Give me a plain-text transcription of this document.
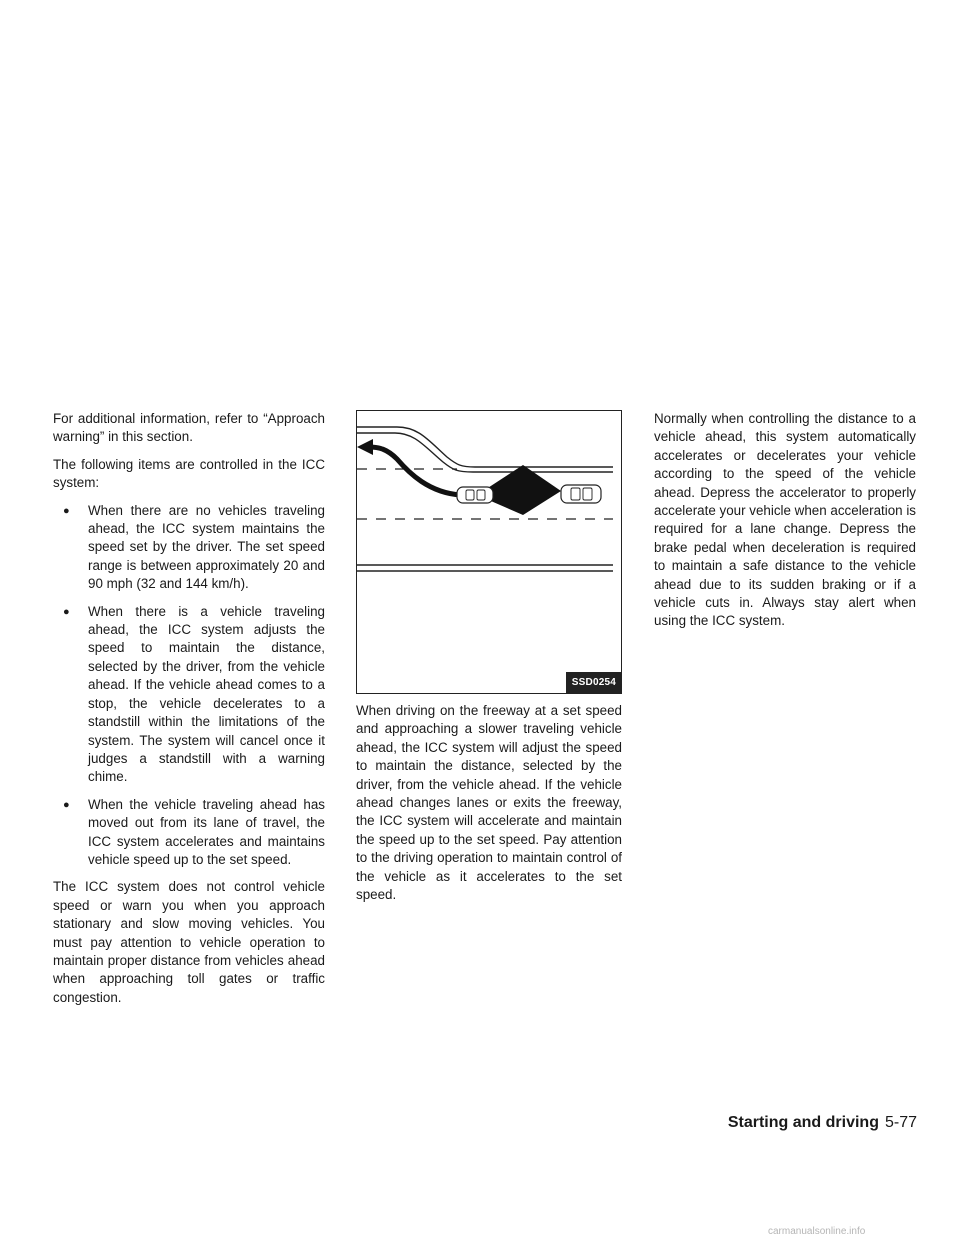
For additional information, refer to “Approach warning” in this section.

The following items are controlled in the ICC system:

● When there are no vehicles traveling ahead, the ICC system maintains the speed set by the driver. The set speed range is between approximately 20 and 90 mph (32 and 144 km/h).
● When there is a vehicle traveling ahead, the ICC system adjusts the speed to maintain the distance, selected by the driver, from the vehicle ahead. If the vehicle ahead comes to a stop, the vehicle decelerates to a standstill within the limitations of the system. The system will cancel once it judges a standstill with a warning chime.
● When the vehicle traveling ahead has moved out from its lane of travel, the ICC system accelerates and maintains vehicle speed up to the set speed.

The ICC system does not control vehicle speed or warn you when you approach stationary and slow moving vehicles. You must pay attention to vehicle operation to maintain proper distance from vehicles ahead when approaching toll gates or traffic congestion.

SSD0254

When driving on the freeway at a set speed and approaching a slower traveling vehicle ahead, the ICC system will adjust the speed to maintain the distance, selected by the driver, from the vehicle ahead. If the vehicle ahead changes lanes or exits the freeway, the ICC system will accelerate and maintain the speed up to the set speed. Pay attention to the driving operation to maintain control of the vehicle as it accelerates to the set speed.

Normally when controlling the distance to a vehicle ahead, this system automatically accelerates or decelerates your vehicle according to the speed of the vehicle ahead. Depress the accelerator to properly accelerate your vehicle when acceleration is required for a lane change. Depress the brake pedal when deceleration is required to maintain a safe distance to the vehicle ahead due to its sudden braking or if a vehicle cuts in. Always stay alert when using the ICC system.

Starting and driving 5-77
carmanualsonline.info
